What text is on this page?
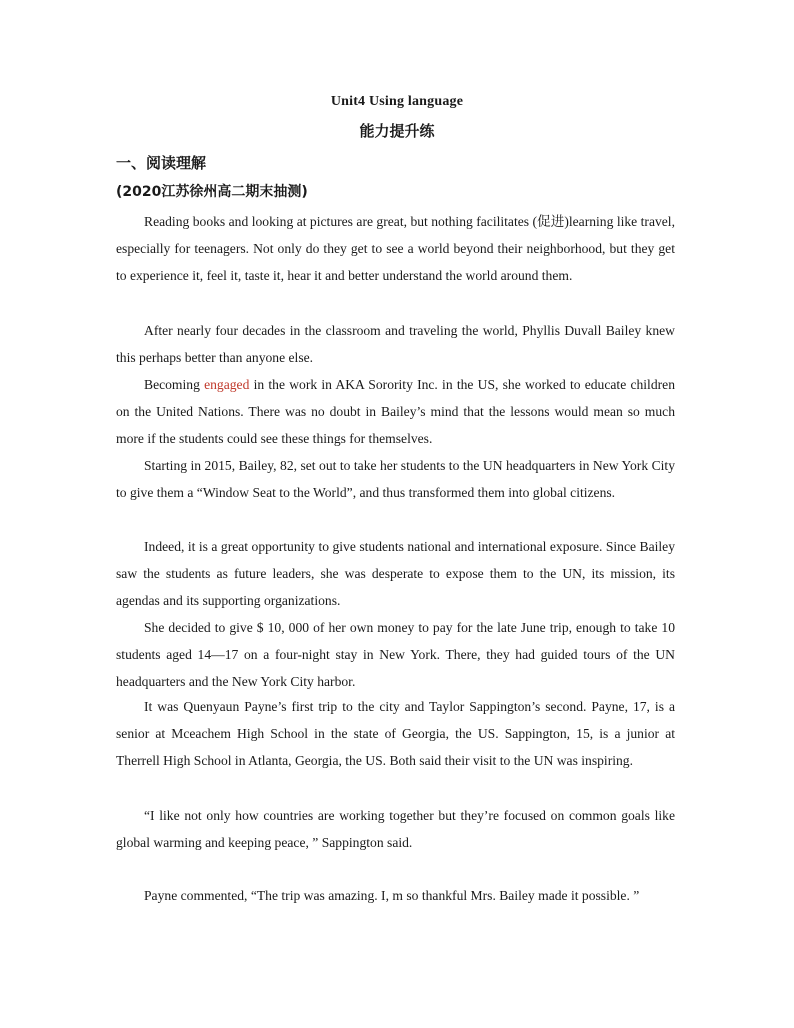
Unit4 Using language
能力提升练
一、阅读理解
(2020江苏徐州高二期末抽测)

Reading books and looking at pictures are great, but nothing facilitates (促进)learning like travel, especially for teenagers. Not only do they get to see a world beyond their neighborhood, but they get to experience it, feel it, taste it, hear it and better understand the world around them.

After nearly four decades in the classroom and traveling the world, Phyllis Duvall Bailey knew this perhaps better than anyone else.

Becoming engaged in the work in AKA Sorority Inc. in the US, she worked to educate children on the United Nations. There was no doubt in Bailey’s mind that the lessons would mean so much more if the students could see these things for themselves.

Starting in 2015, Bailey, 82, set out to take her students to the UN headquarters in New York City to give them a “Window Seat to the World”, and thus transformed them into global citizens.

Indeed, it is a great opportunity to give students national and international exposure. Since Bailey saw the students as future leaders, she was desperate to expose them to the UN, its mission, its agendas and its supporting organizations.

She decided to give $ 10, 000 of her own money to pay for the late June trip, enough to take 10 students aged 14—17 on a four-night stay in New York. There, they had guided tours of the UN headquarters and the New York City harbor.

It was Quenyaun Payne’s first trip to the city and Taylor Sappington’s second. Payne, 17, is a senior at Mceachem High School in the state of Georgia, the US. Sappington, 15, is a junior at Therrell High School in Atlanta, Georgia, the US. Both said their visit to the UN was inspiring.

“I like not only how countries are working together but they’re focused on common goals like global warming and keeping peace, ” Sappington said.

Payne commented, “The trip was amazing. I, m so thankful Mrs. Bailey made it possible. ”
